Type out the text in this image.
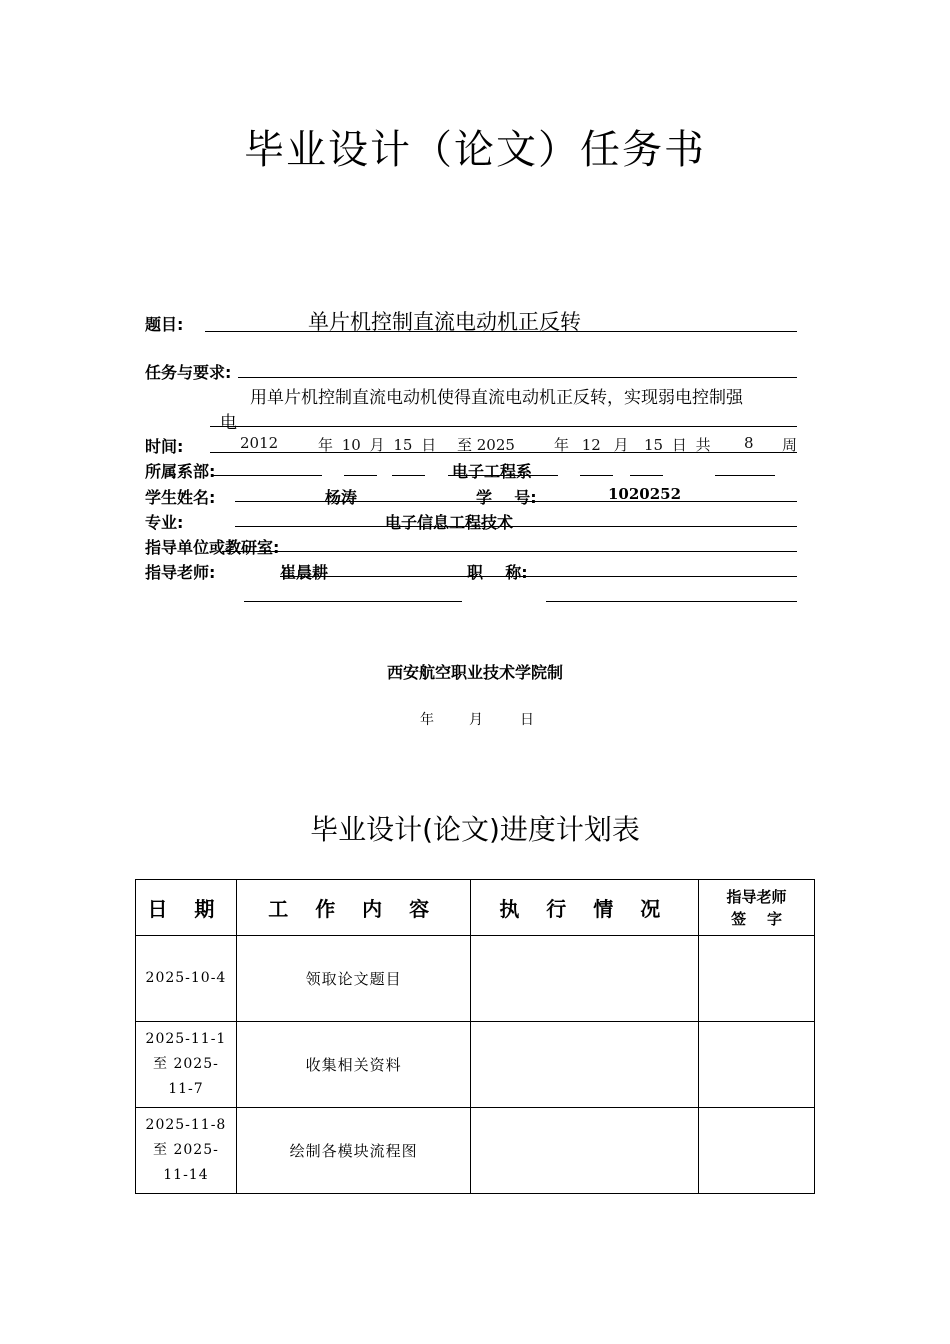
毕业设计（论文）任务书
题目:	单片机控制直流电动机正反转
任务与要求:
用单片机控制直流电动机使得直流电动机正反转，实现弱电控制强
电
时间:	2012	年 10 月 15 日 至 2025	年 12 月 15 日 共 8 周
所属系部:	电子工程系
学生姓名:	杨涛	学    号:	1020252
专业:	电子信息工程技术
指导单位或教研室:
指导老师:	崔晨耕	职    称:
西安航空职业技术学院制
年	月	日
毕业设计(论文)进度计划表
日 期	工 作 内 容	执 行 情 况	指导老师
签    字

2025-10-4	领取论文题目		

2025-11-1
至 2025-
11-7	收集相关资料		

2025-11-8
至 2025-
11-14	绘制各模块流程图		
